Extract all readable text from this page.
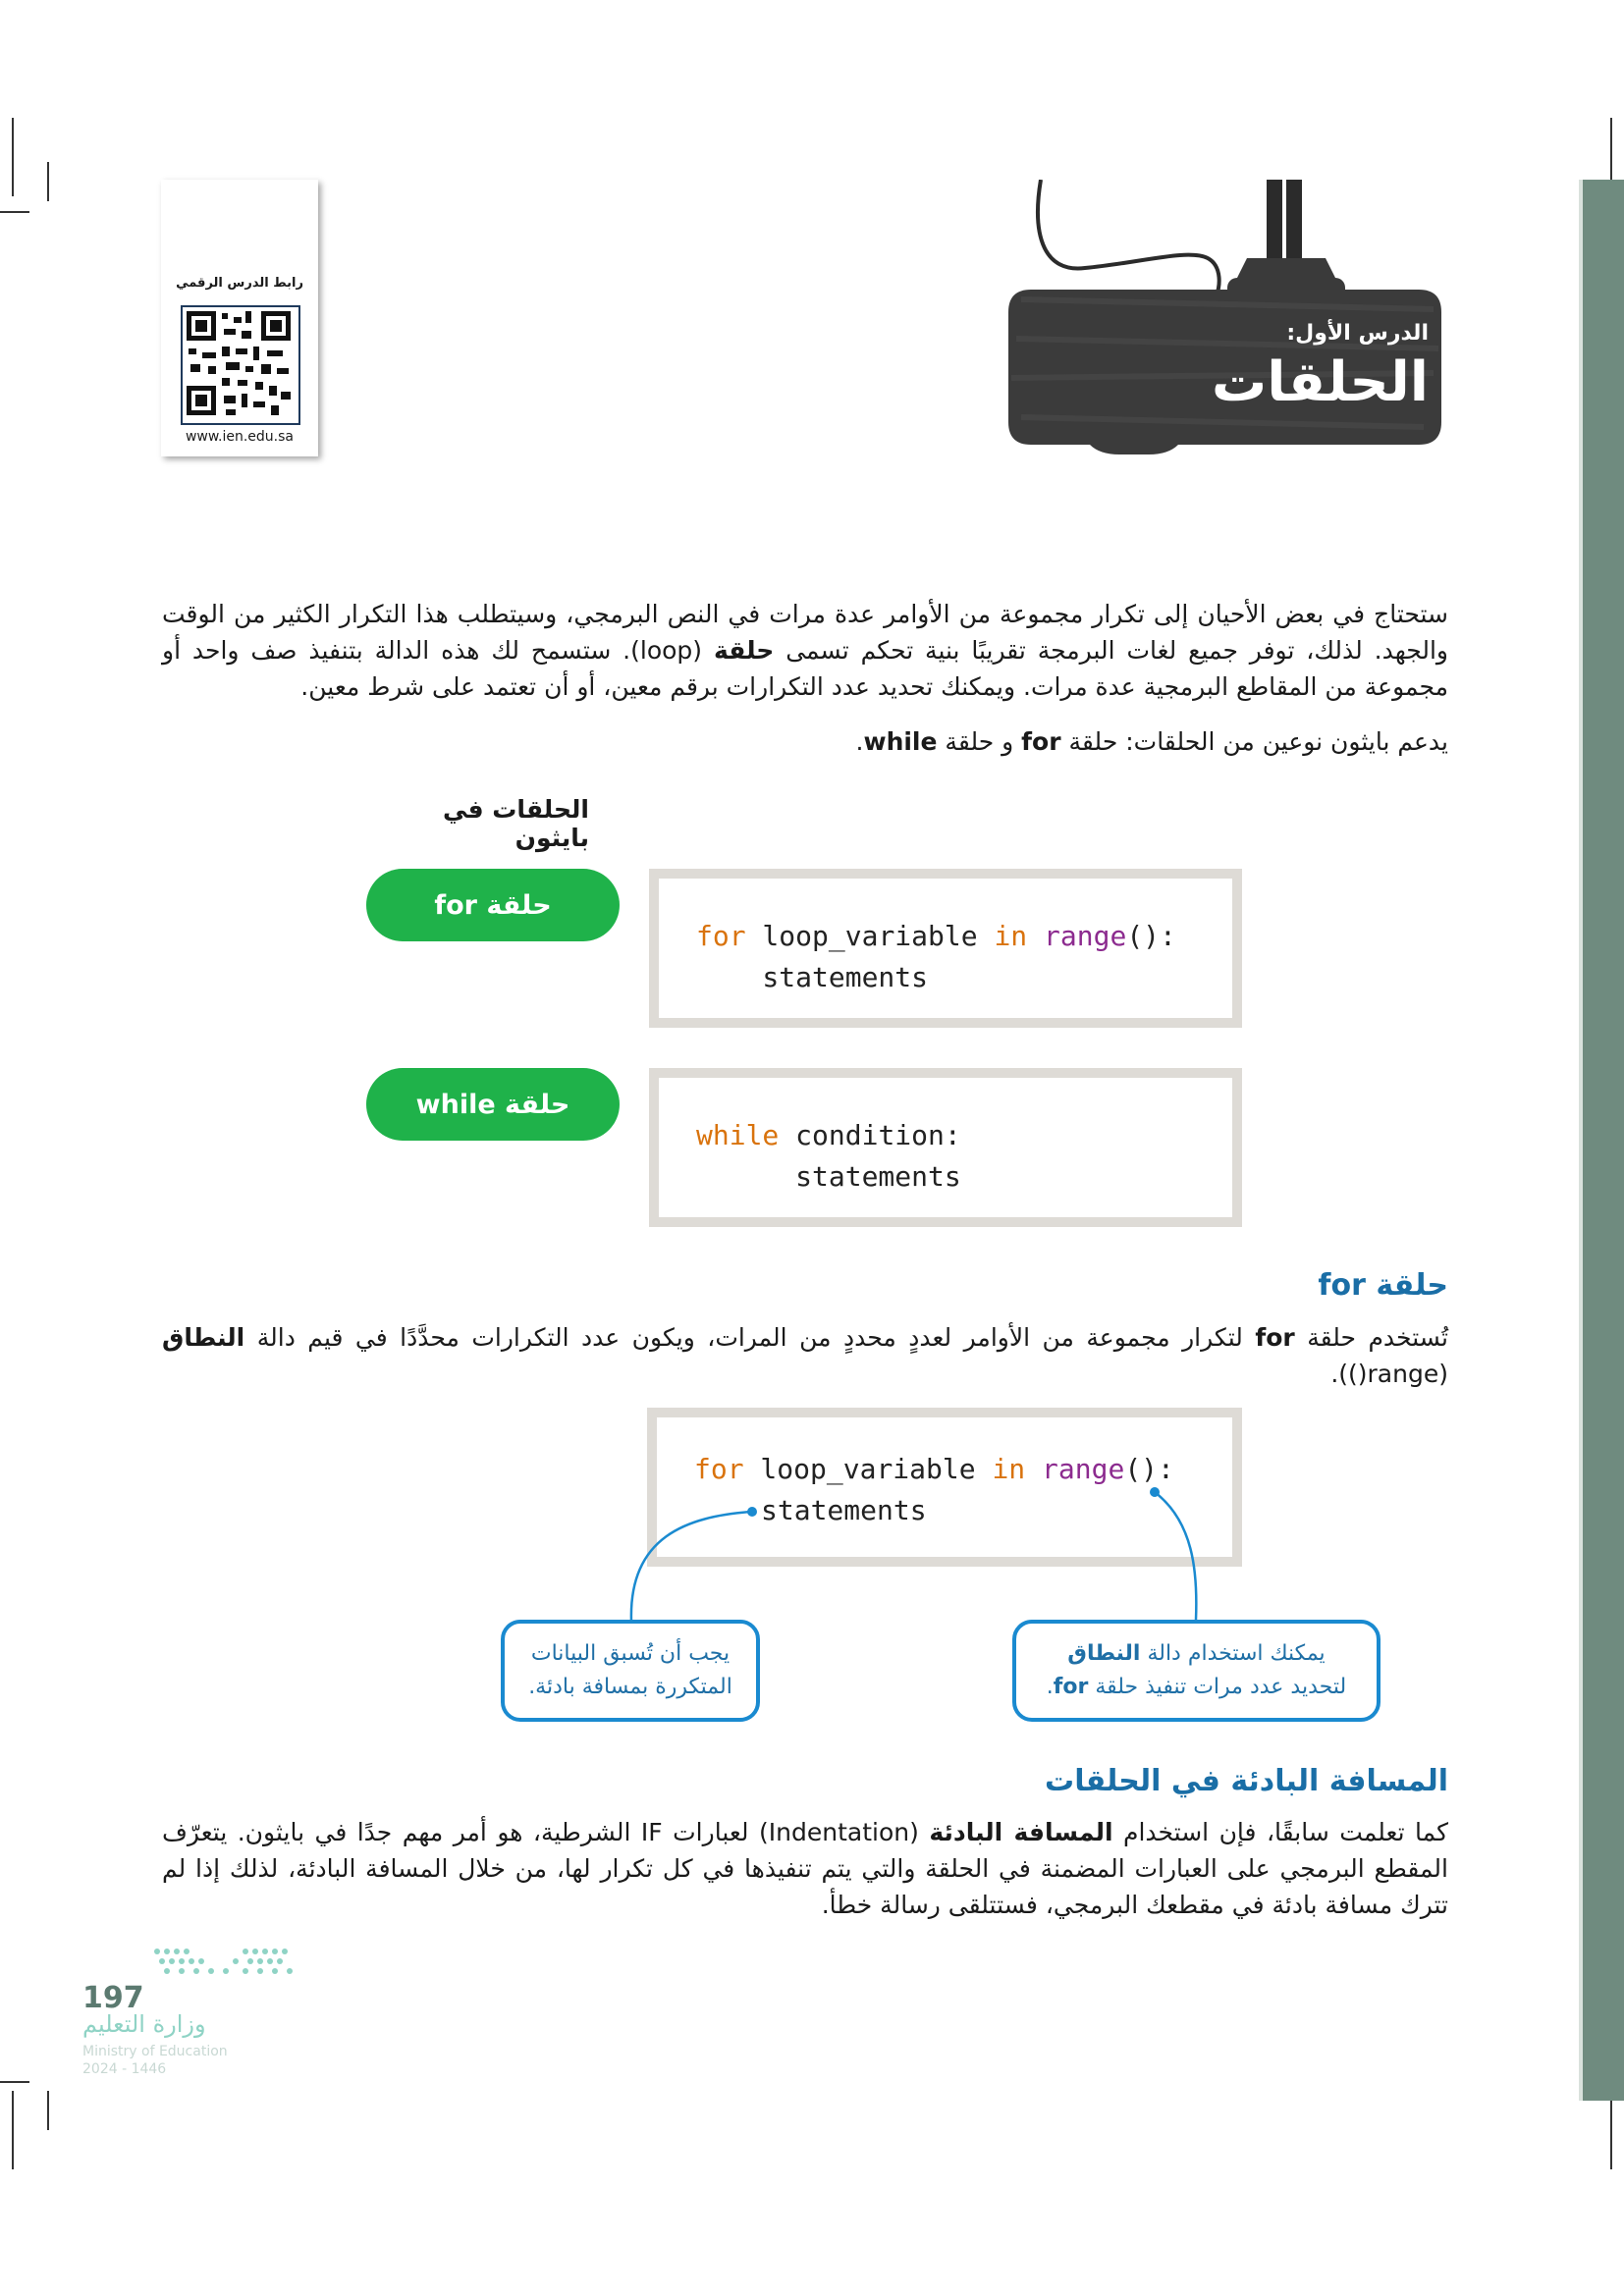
رابط الدرس الرقمي
www.ien.edu.sa
الدرس الأول:
الحلقات
ستحتاج في بعض الأحيان إلى تكرار مجموعة من الأوامر عدة مرات في النص البرمجي، وسيتطلب هذا التكرار الكثير من الوقت والجهد. لذلك، توفر جميع لغات البرمجة تقريبًا بنية تحكم تسمى حلقة (loop). ستسمح لك هذه الدالة بتنفيذ صف واحد أو مجموعة من المقاطع البرمجية عدة مرات. ويمكنك تحديد عدد التكرارات برقم معين، أو أن تعتمد على شرط معين.
يدعم بايثون نوعين من الحلقات: حلقة for و حلقة while.
الحلقات في بايثون
حلقة for
for loop_variable in range():
statements
حلقة while
while condition:
statements
حلقة for
تُستخدم حلقة for لتكرار مجموعة من الأوامر لعددٍ محددٍ من المرات، ويكون عدد التكرارات محدَّدًا في قيم دالة النطاق (range()).
for loop_variable in range():
statements
يجب أن تُسبق البيانات
المتكررة بمسافة بادئة.
يمكنك استخدام دالة النطاق
لتحديد عدد مرات تنفيذ حلقة for.
المسافة البادئة في الحلقات
كما تعلمت سابقًا، فإن استخدام المسافة البادئة (Indentation) لعبارات IF الشرطية، هو أمر مهم جدًا في بايثون. يتعرّف المقطع البرمجي على العبارات المضمنة في الحلقة والتي يتم تنفيذها في كل تكرار لها، من خلال المسافة البادئة، لذلك إذا لم تترك مسافة بادئة في مقطعك البرمجي، فستتلقى رسالة خطأ.
197
وزارة التعليم
Ministry of Education
2024 - 1446
